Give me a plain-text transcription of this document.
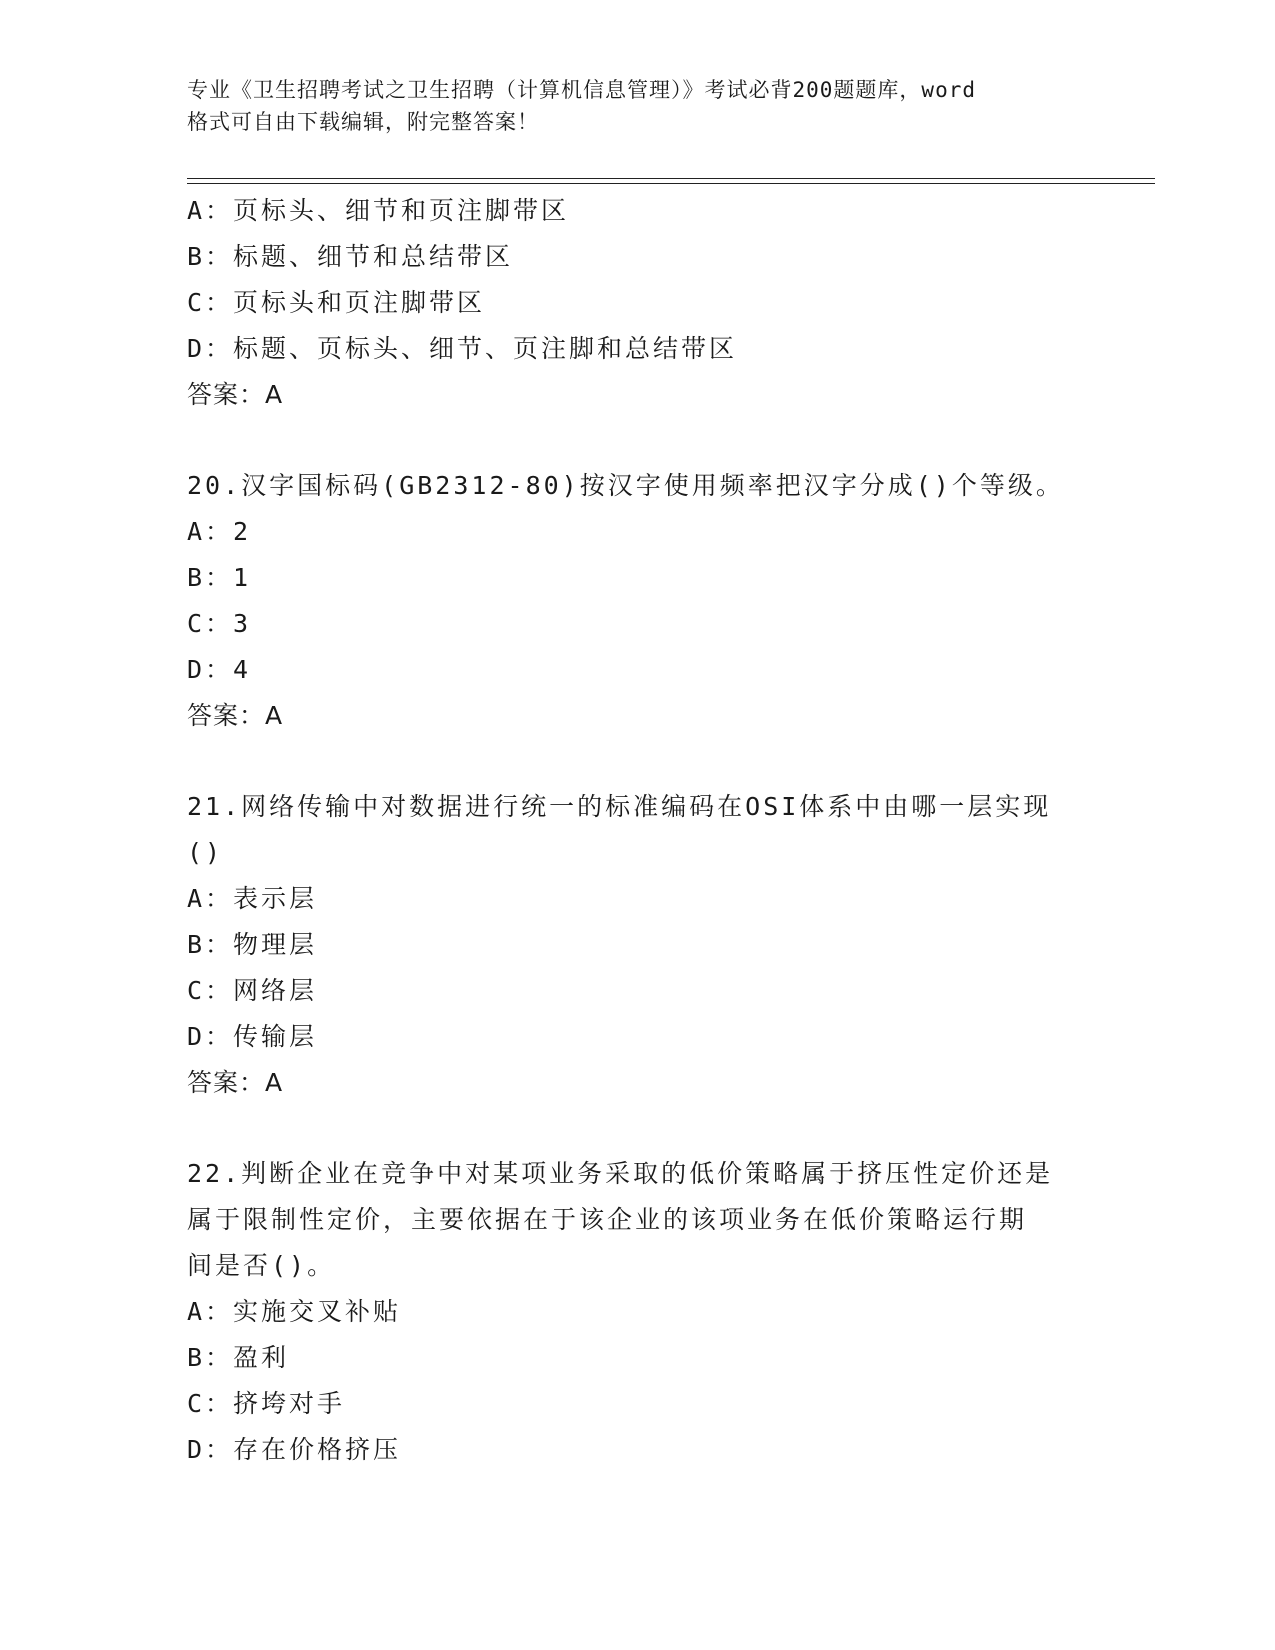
专业《卫生招聘考试之卫生招聘（计算机信息管理）》考试必背200题题库，word
格式可自由下载编辑，附完整答案！
A：页标头、细节和页注脚带区
B：标题、细节和总结带区
C：页标头和页注脚带区
D：标题、页标头、细节、页注脚和总结带区
答案：A
20.汉字国标码(GB2312-80)按汉字使用频率把汉字分成()个等级。
A：2
B：1
C：3
D：4
答案：A
21.网络传输中对数据进行统一的标准编码在OSI体系中由哪一层实现
()
A：表示层
B：物理层
C：网络层
D：传输层
答案：A
22.判断企业在竞争中对某项业务采取的低价策略属于挤压性定价还是
属于限制性定价，主要依据在于该企业的该项业务在低价策略运行期
间是否()。
A：实施交叉补贴
B：盈利
C：挤垮对手
D：存在价格挤压
